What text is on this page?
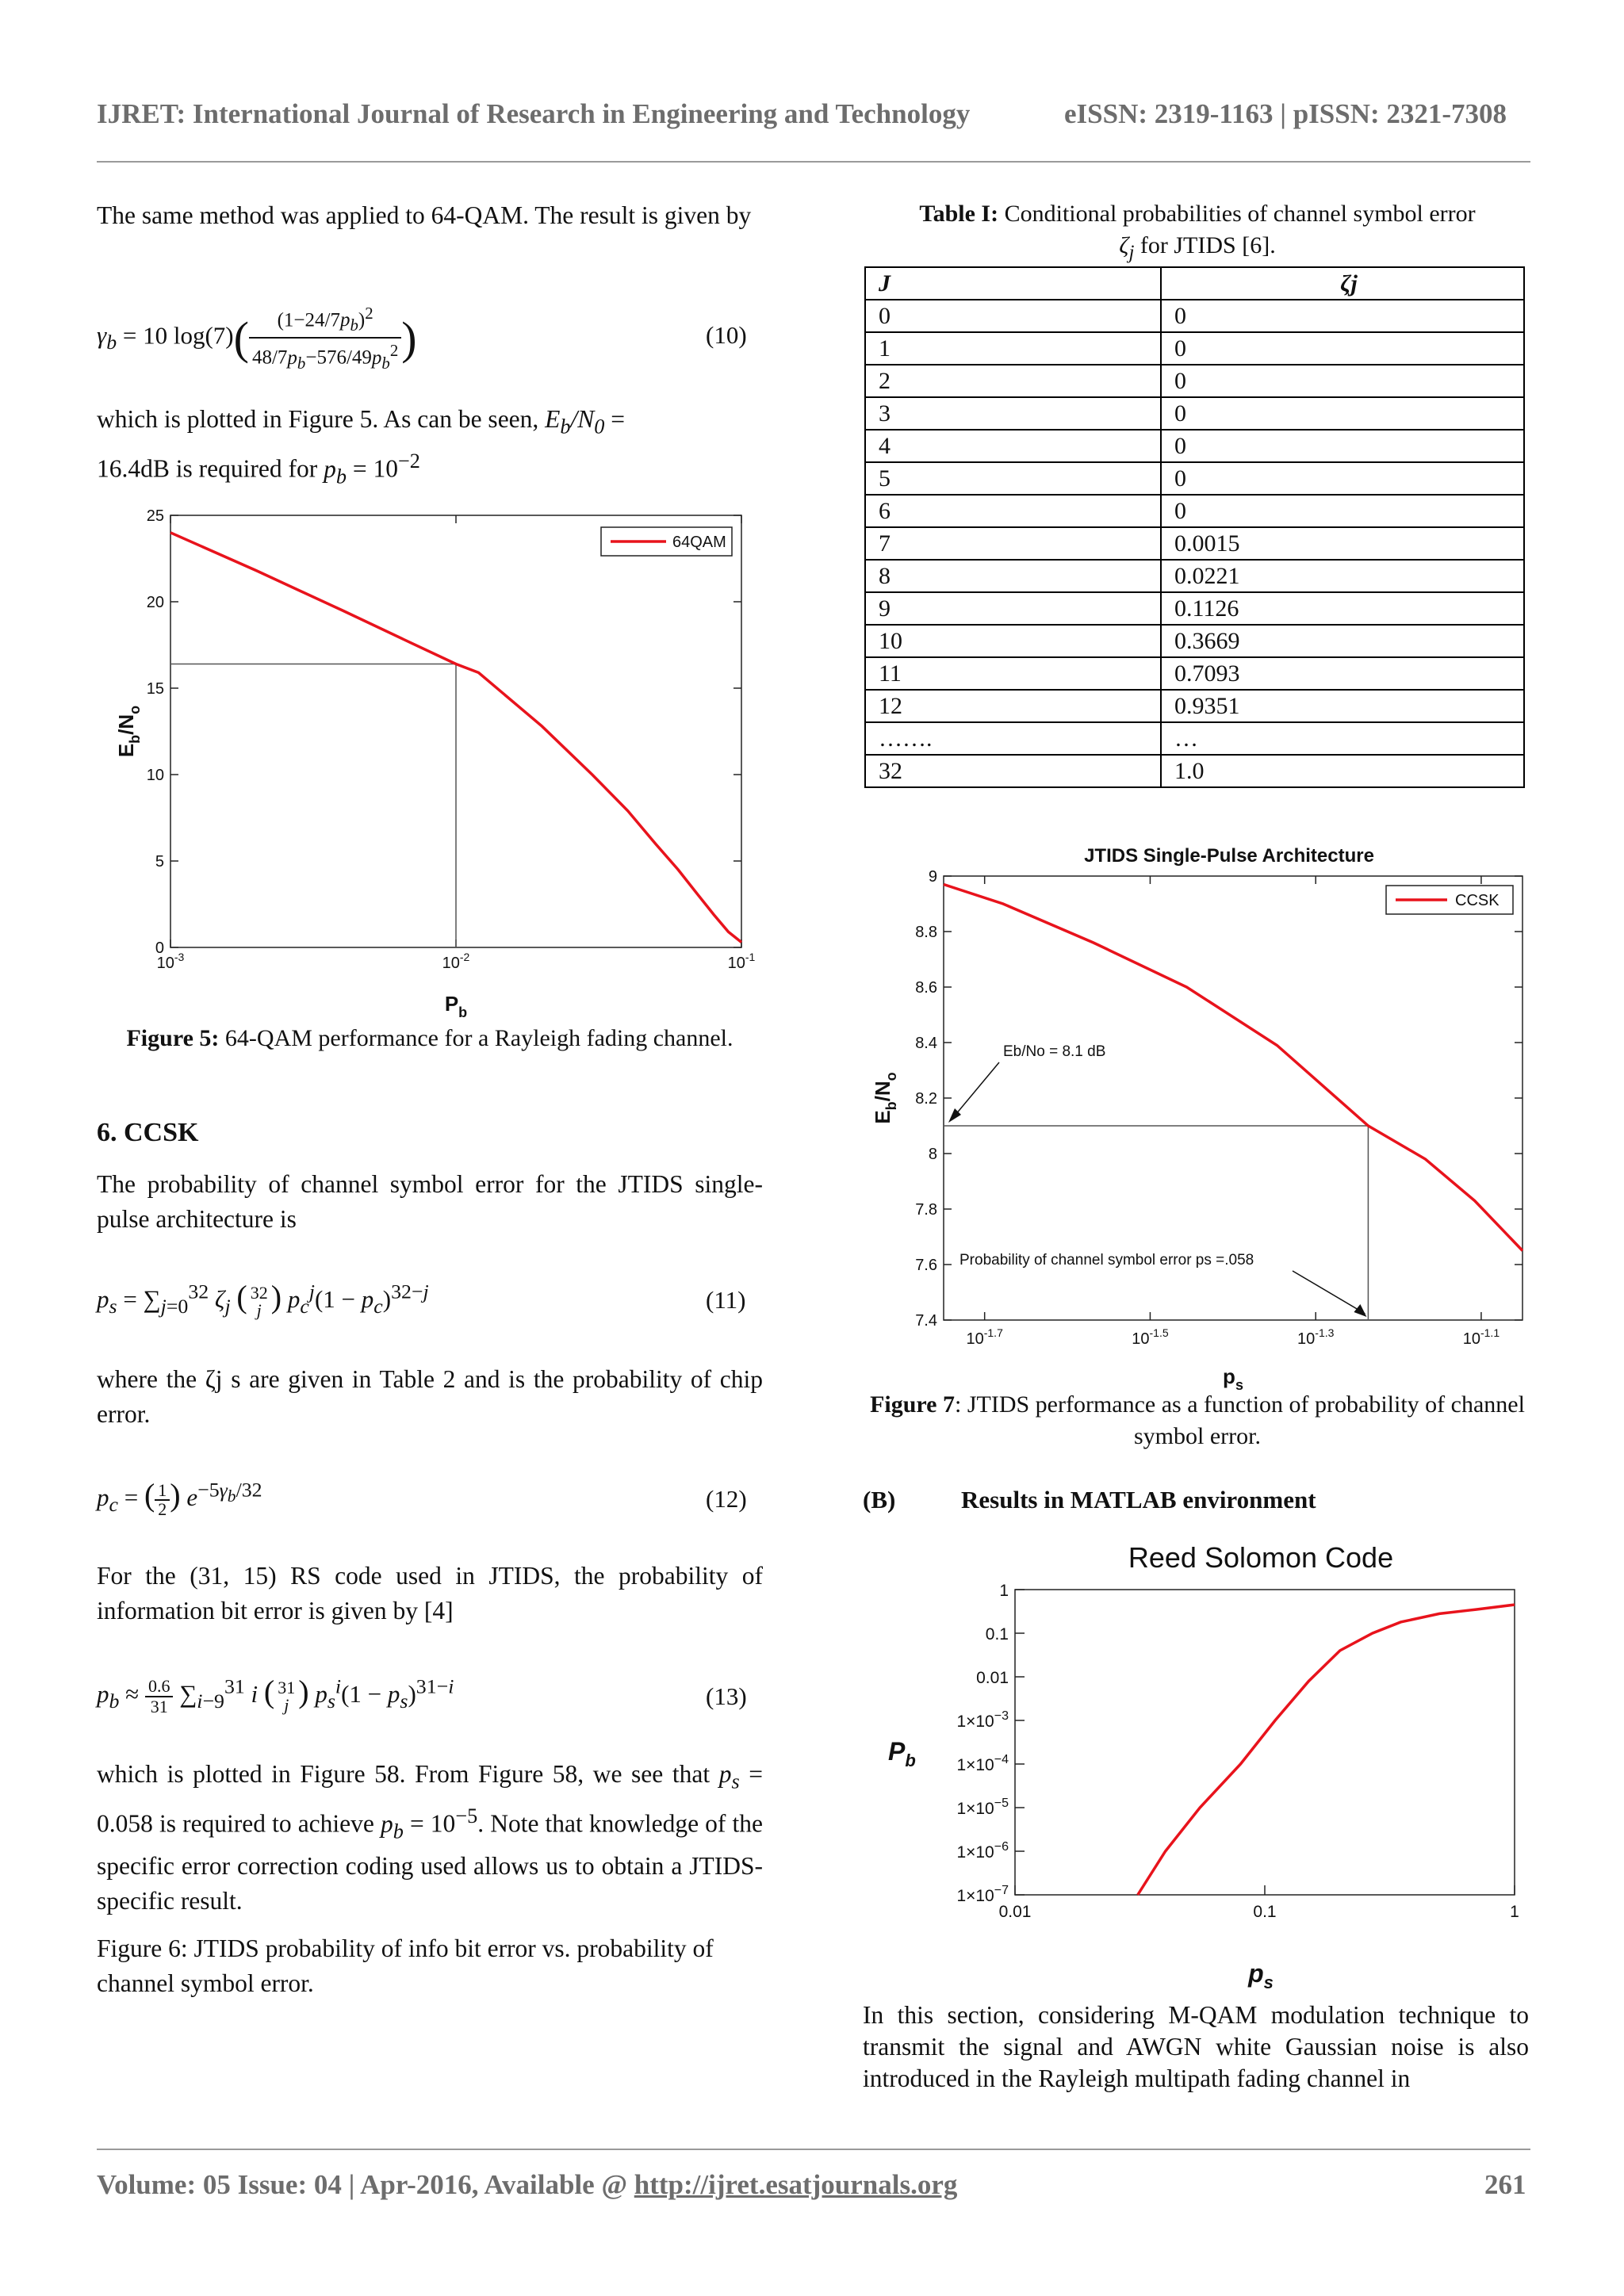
IJRET: International Journal of Research in Engineering and Technology	eISSN: 2319-1163 | pISSN: 2321-7308
The same method was applied to 64-QAM. The result is given by
$\gamma_b = 10$ $\log(7)( \frac{(1-24/7p_b)^2}{48/7p_b-576/49p_b^2}$ )	(10)
which is plotted in Figure 5. As can be seen, $E_b/N_0$ =
16.4dB is required for $p_b = 10^{-2}$
0
5
10
15
20
25
$10^{-3}$	$10^{-2}$	$10^{-1}$
64QAM
$P_b$
$E_b/N_o$
Figure 5: 64-QAM performance for a Rayleigh fading channel.
6. CCSK
The probability of channel symbol error for the JTIDS single-pulse architecture is
$p_s = \sum_{j=0}^{32}$ $\zeta_j$ ( 32
j ) $p_c^j(1 - p_c)^{32-j}$	(11)
where the ζj s are given in Table 2 and is the probability of chip error.
$p_c$ = ( $\frac{1}{2}$ ) $e^{-5\gamma_b/32}$	(12)
For the (31, 15) RS code used in JTIDS, the probability of information bit error is given by [4]
$p_b \approx \frac{0.6}{31} \sum_{i-9}^{31}$ i ( 31
j ) $p_s^i(1 - p_s)^{31-i}$	(13)
which is plotted in Figure 58. From Figure 58, we see that $p_s = 0.058$ is required to achieve $p_b = 10^{-5}$. Note that knowledge of the specific error correction coding used allows us to obtain a JTIDS-specific result.
Figure 6: JTIDS probability of info bit error vs. probability of channel symbol error.
Table I: Conditional probabilities of channel symbol error
$\zeta_j$ for JTIDS [6].
J	ζj
0	0
1	0
2	0
3	0
4	0
5	0
6	0
7	0.0015
8	0.0221
9	0.1126
10	0.3669
11	0.7093
12	0.9351
…….	…
32	1.0
JTIDS Single-Pulse Architecture
7.4
7.6
7.8
8
8.2
8.4
8.6
8.8
9
$10^{-1.7}$	$10^{-1.5}$	$10^{-1.3}$	$10^{-1.1}$
CCSK
Eb/No = 8.1 dB
Probability of channel symbol error ps =.058
$p_s$
$E_b/N_o$
Figure 7: JTIDS performance as a function of probability of channel symbol error.
(B)	Results in MATLAB environment
Reed Solomon Code
$1\times 10^{-7}$
$1\times 10^{-6}$
$1\times 10^{-5}$
$1\times 10^{-4}$
$1\times 10^{-3}$
0.01
0.1
1
0.01	0.1	1
$P_b$
$p_s$
In this section, considering M-QAM modulation technique to transmit the signal and AWGN white Gaussian noise is also introduced in the Rayleigh multipath fading channel in
Volume: 05 Issue: 04 | Apr-2016, Available @ http://ijret.esatjournals.org	261
